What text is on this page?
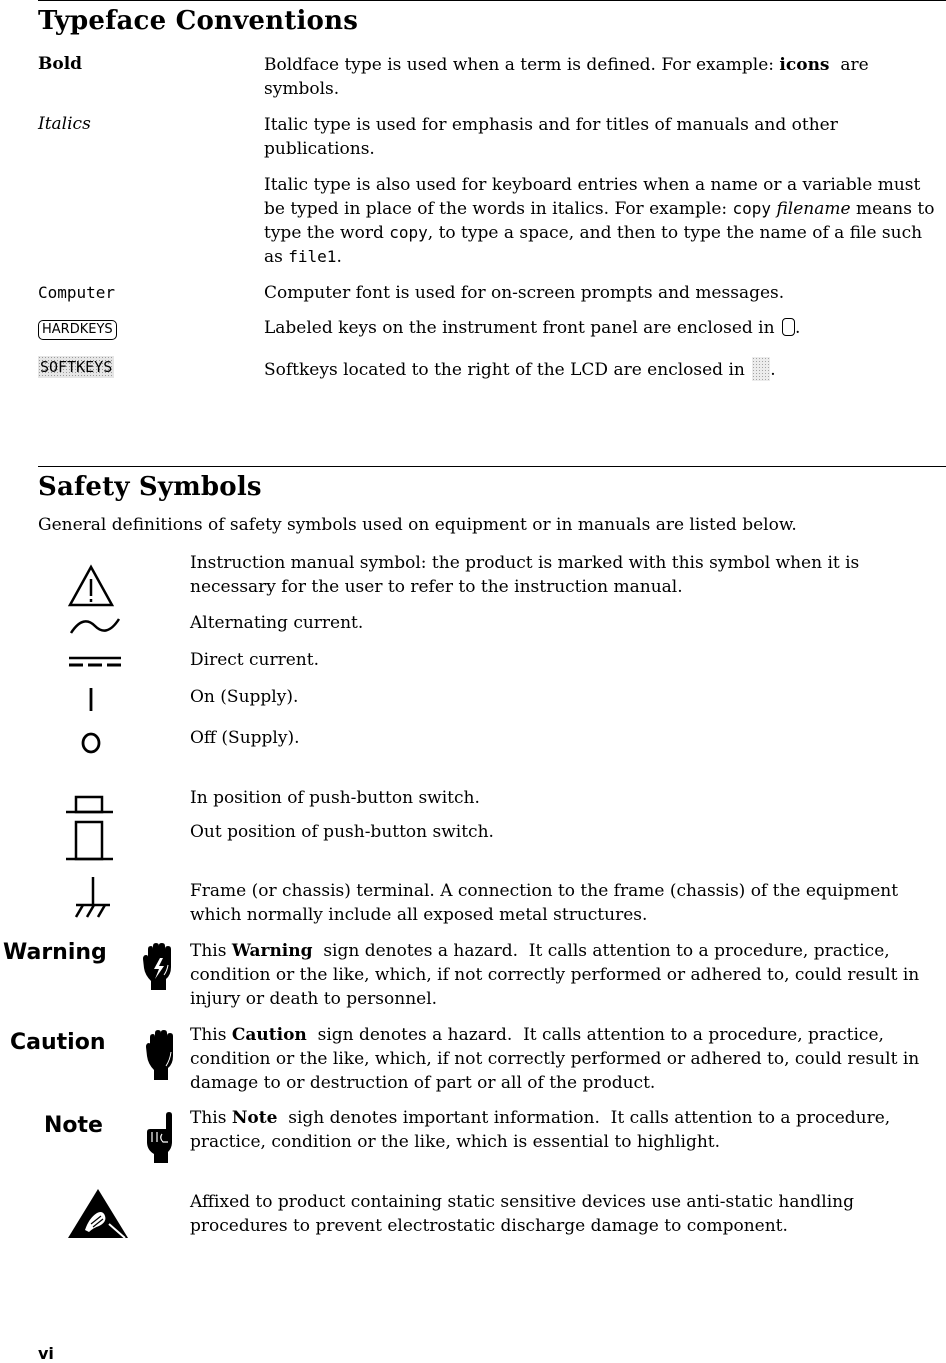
Typeface Conventions
Bold	Boldface type is used when a term is defined. For example: icons  are symbols.
Italics	Italic type is used for emphasis and for titles of manuals and other publications.
Italic type is also used for keyboard entries when a name or a variable must be typed in place of the words in italics. For example: copy filename means to type the word copy, to type a space, and then to type the name of a file such as file1.
Computer	Computer font is used for on-screen prompts and messages.
HARDKEYS	Labeled keys on the instrument front panel are enclosed in .
SOFTKEYS	Softkeys located to the right of the LCD are enclosed in .
Safety Symbols
General definitions of safety symbols used on equipment or in manuals are listed below.
Instruction manual symbol: the product is marked with this symbol when it is necessary for the user to refer to the instruction manual.
Alternating current.
Direct current.
On (Supply).
Off (Supply).
In position of push-button switch.
Out position of push-button switch.
Frame (or chassis) terminal. A connection to the frame (chassis) of the equipment which normally include all exposed metal structures.
Warning	This Warning  sign denotes a hazard.  It calls attention to a procedure, practice, condition or the like, which, if not correctly performed or adhered to, could result in injury or death to personnel.
Caution	This Caution  sign denotes a hazard.  It calls attention to a procedure, practice, condition or the like, which, if not correctly performed or adhered to, could result in damage to or destruction of part or all of the product.
Note	This Note  sigh denotes important information.  It calls attention to a procedure, practice, condition or the like, which is essential to highlight.
Affixed to product containing static sensitive devices use anti-static handling procedures to prevent electrostatic discharge damage to component.
vi
